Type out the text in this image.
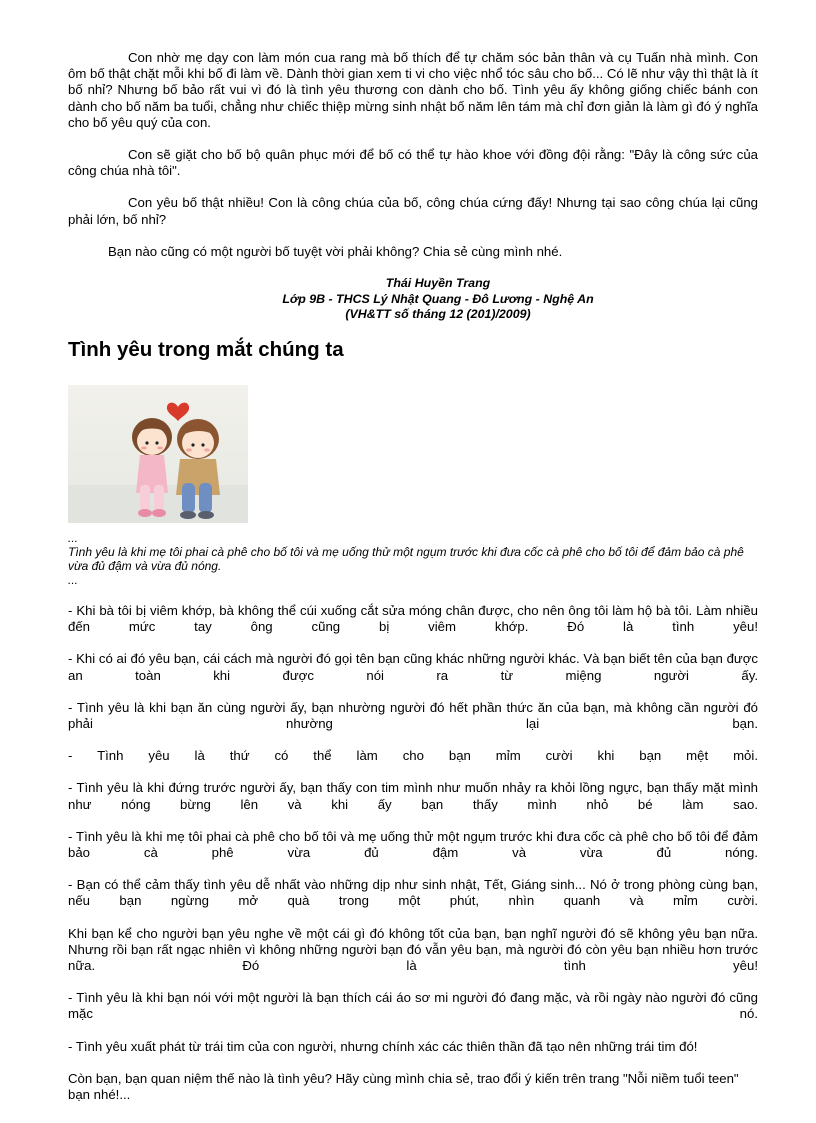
Con nhờ mẹ dạy con làm món cua rang mà bố thích để tự chăm sóc bản thân và cụ Tuấn nhà mình. Con ôm bố thật chặt mỗi khi bố đi làm về. Dành thời gian xem ti vi cho việc nhổ tóc sâu cho bố... Có lẽ như vậy thì thật là ít bố nhỉ? Nhưng bố bảo rất vui vì đó là tình yêu thương con dành cho bố. Tình yêu ấy không giống chiếc bánh con dành cho bố năm ba tuổi, chẳng như chiếc thiệp mừng sinh nhật bố năm lên tám mà chỉ đơn giản là làm gì đó ý nghĩa cho bố yêu quý của con.

Con sẽ giặt cho bố bộ quân phục mới để bố có thể tự hào khoe với đồng đội rằng: "Đây là công sức của công chúa nhà tôi".

Con yêu bố thật nhiều! Con là công chúa của bố, công chúa cứng đấy! Nhưng tại sao công chúa lại cũng phải lớn, bố nhỉ?

Bạn nào cũng có một người bố tuyệt vời phải không? Chia sẻ cùng mình nhé.

Thái Huyền Trang

Lớp 9B - THCS Lý Nhật Quang - Đô Lương - Nghệ An

(VH&TT số tháng 12 (201)/2009)

Tình yêu trong mắt chúng ta

...

Tình yêu là khi mẹ tôi phai cà phê cho bố tôi và mẹ uống thử một ngụm trước khi đưa cốc cà phê cho bố tôi để đảm bảo cà phê vừa đủ đậm và vừa đủ nóng.

...

- Khi bà tôi bị viêm khớp, bà không thể cúi xuống cắt sửa móng chân được, cho nên ông tôi làm hộ bà tôi. Làm nhiều đến mức tay ông cũng bị viêm khớp. Đó là tình yêu!

- Khi có ai đó yêu bạn, cái cách mà người đó gọi tên bạn cũng khác những người khác. Và bạn biết tên của bạn được an toàn khi được nói ra từ miệng người ấy.

- Tình yêu là khi bạn ăn cùng người ấy, bạn nhường người đó hết phần thức ăn của bạn, mà không cần người đó phải nhường lại bạn.

- Tình yêu là thứ có thể làm cho bạn mỉm cười khi bạn mệt mỏi.

- Tình yêu là khi đứng trước người ấy, bạn thấy con tim mình như muốn nhảy ra khỏi lồng ngực, bạn thấy mặt mình như nóng bừng lên và khi ấy bạn thấy mình nhỏ bé làm sao.

- Tình yêu là khi mẹ tôi phai cà phê cho bố tôi và mẹ uống thử một ngụm trước khi đưa cốc cà phê cho bố tôi để đảm bảo cà phê vừa đủ đậm và vừa đủ nóng.

- Bạn có thể cảm thấy tình yêu dễ nhất vào những dịp như sinh nhật, Tết, Giáng sinh... Nó ở trong phòng cùng bạn, nếu bạn ngừng mở quà trong một phút, nhìn quanh và mỉm cười.

Khi bạn kể cho người bạn yêu nghe về một cái gì đó không tốt của bạn, bạn nghĩ người đó sẽ không yêu bạn nữa. Nhưng rồi bạn rất ngạc nhiên vì không những người bạn đó vẫn yêu bạn, mà người đó còn yêu bạn nhiều hơn trước nữa. Đó là tình yêu!

- Tình yêu là khi bạn nói với một người là bạn thích cái áo sơ mi người đó đang mặc, và rồi ngày nào người đó cũng mặc nó.

- Tình yêu xuất phát từ trái tim của con người, nhưng chính xác các thiên thần đã tạo nên những trái tim đó!

Còn bạn, bạn quan niệm thế nào là tình yêu? Hãy cùng mình chia sẻ, trao đổi ý kiến trên trang "Nỗi niềm tuổi teen" bạn nhé!...
